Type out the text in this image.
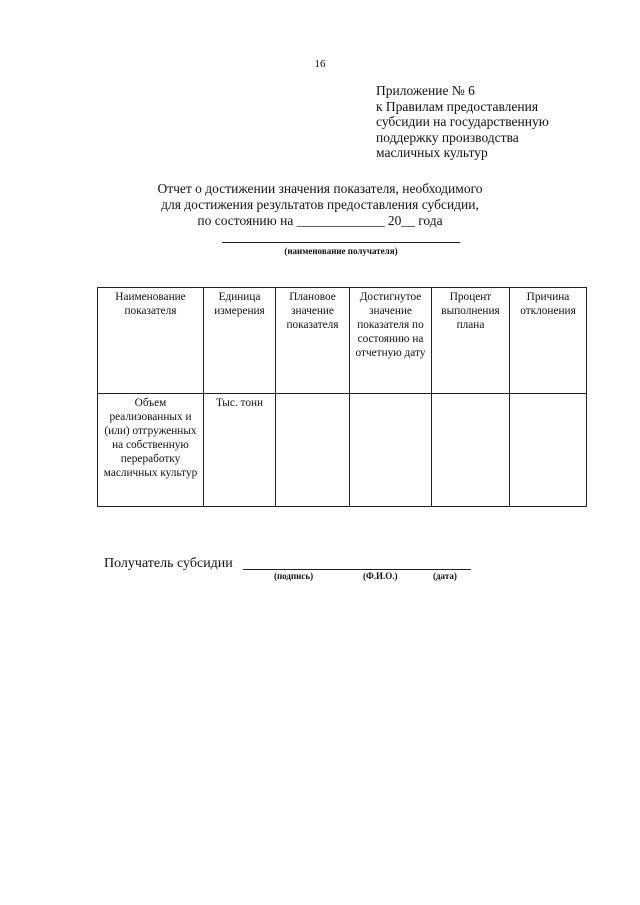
16
Приложение № 6
к Правилам предоставления
субсидии на государственную
поддержку производства
масличных культур
Отчет о достижении значения показателя, необходимого
для достижения результатов предоставления субсидии,
по состоянию на _____________ 20__ года
(наименование получателя)
Наименование показателя	Единица измерения	Плановое значение показателя	Достигнутое значение показателя по состоянию на отчетную дату	Процент выполнения плана	Причина отклонения
Объем реализованных и (или) отгруженных на собственную переработку масличных культур	Тыс. тонн				
Получатель субсидии
(подпись)	(Ф.И.О.)	(дата)
